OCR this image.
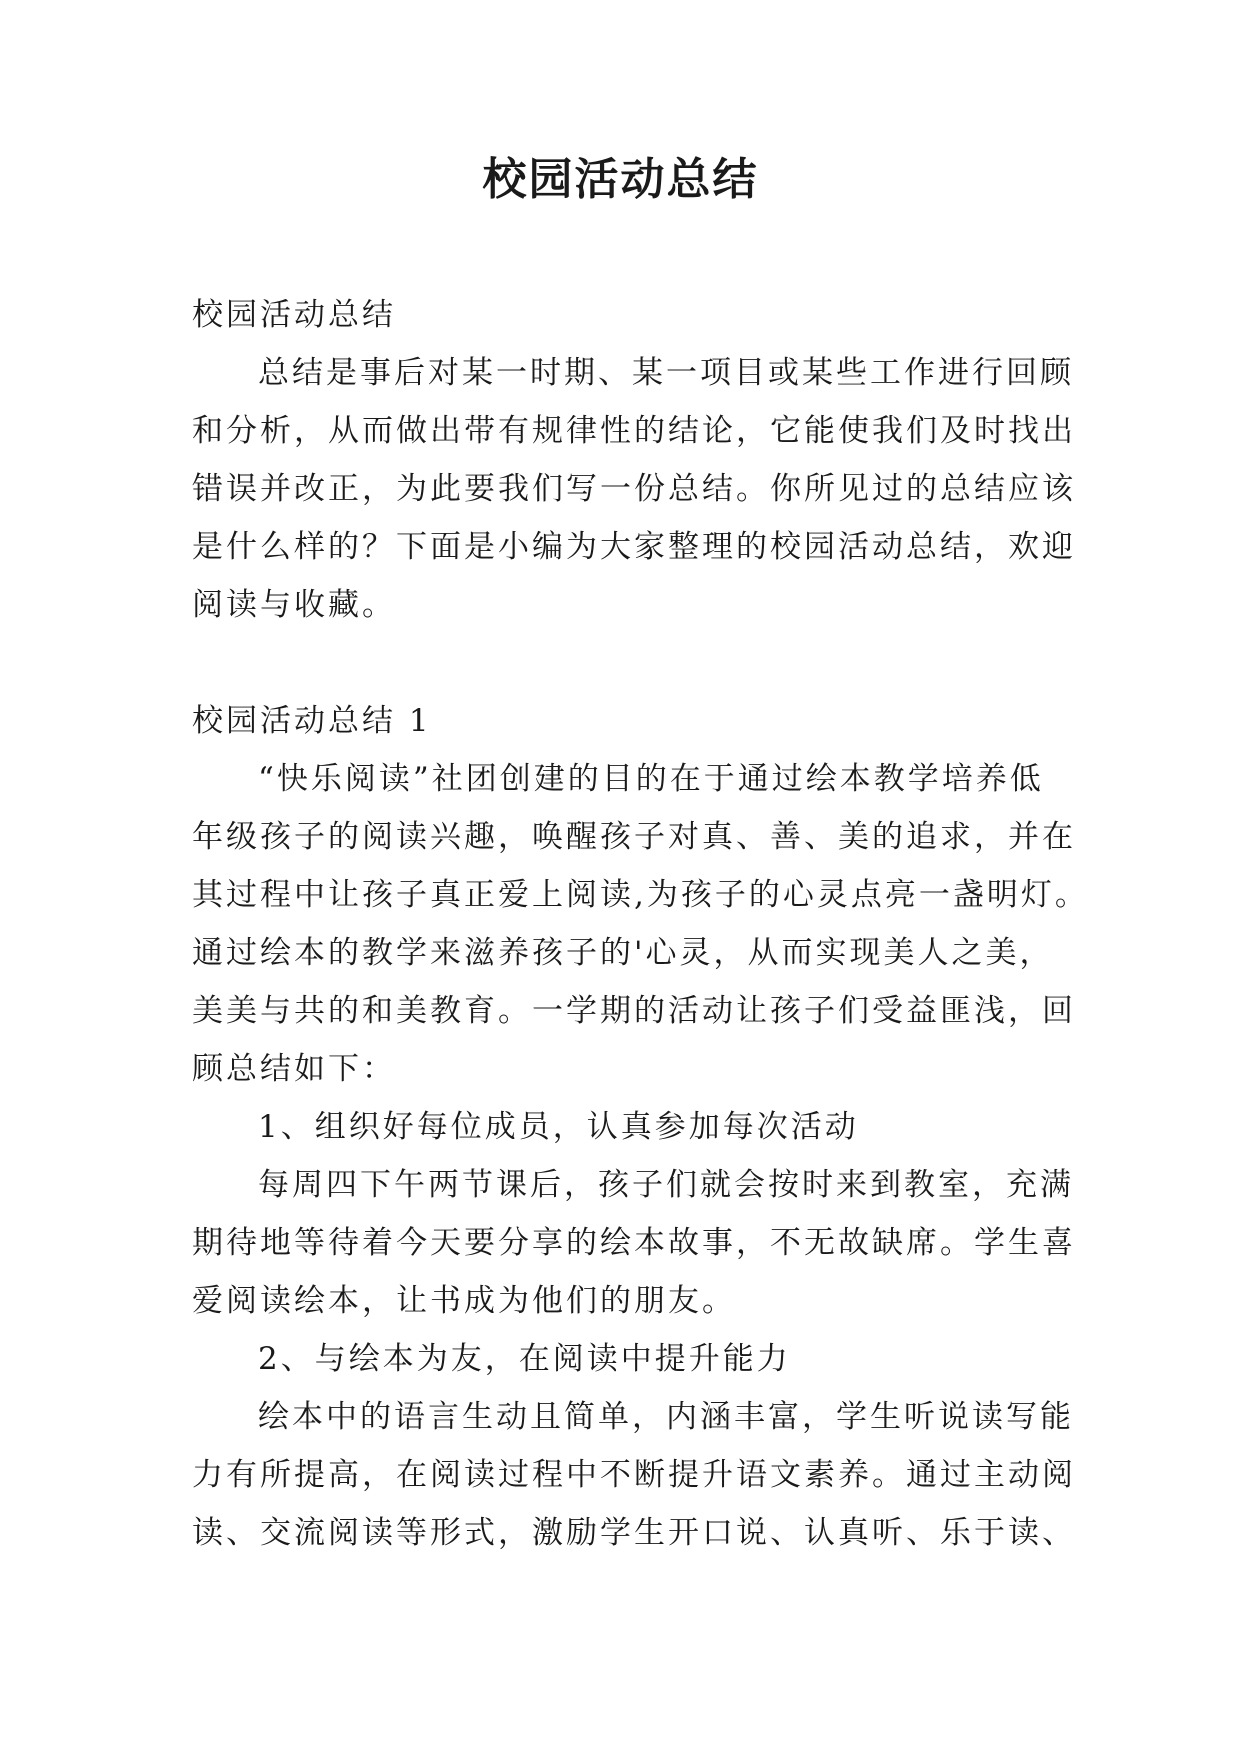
校园活动总结
校园活动总结
总结是事后对某一时期、某一项目或某些工作进行回顾
和分析，从而做出带有规律性的结论，它能使我们及时找出
错误并改正，为此要我们写一份总结。你所见过的总结应该
是什么样的？下面是小编为大家整理的校园活动总结，欢迎
阅读与收藏。
校园活动总结 1
“快乐阅读”社团创建的目的在于通过绘本教学培养低
年级孩子的阅读兴趣，唤醒孩子对真、善、美的追求，并在
其过程中让孩子真正爱上阅读,为孩子的心灵点亮一盏明灯。
通过绘本的教学来滋养孩子的'心灵，从而实现美人之美，
美美与共的和美教育。一学期的活动让孩子们受益匪浅，回
顾总结如下：
1、组织好每位成员，认真参加每次活动
每周四下午两节课后，孩子们就会按时来到教室，充满
期待地等待着今天要分享的绘本故事，不无故缺席。学生喜
爱阅读绘本，让书成为他们的朋友。
2、与绘本为友，在阅读中提升能力
绘本中的语言生动且简单，内涵丰富，学生听说读写能
力有所提高，在阅读过程中不断提升语文素养。通过主动阅
读、交流阅读等形式，激励学生开口说、认真听、乐于读、
